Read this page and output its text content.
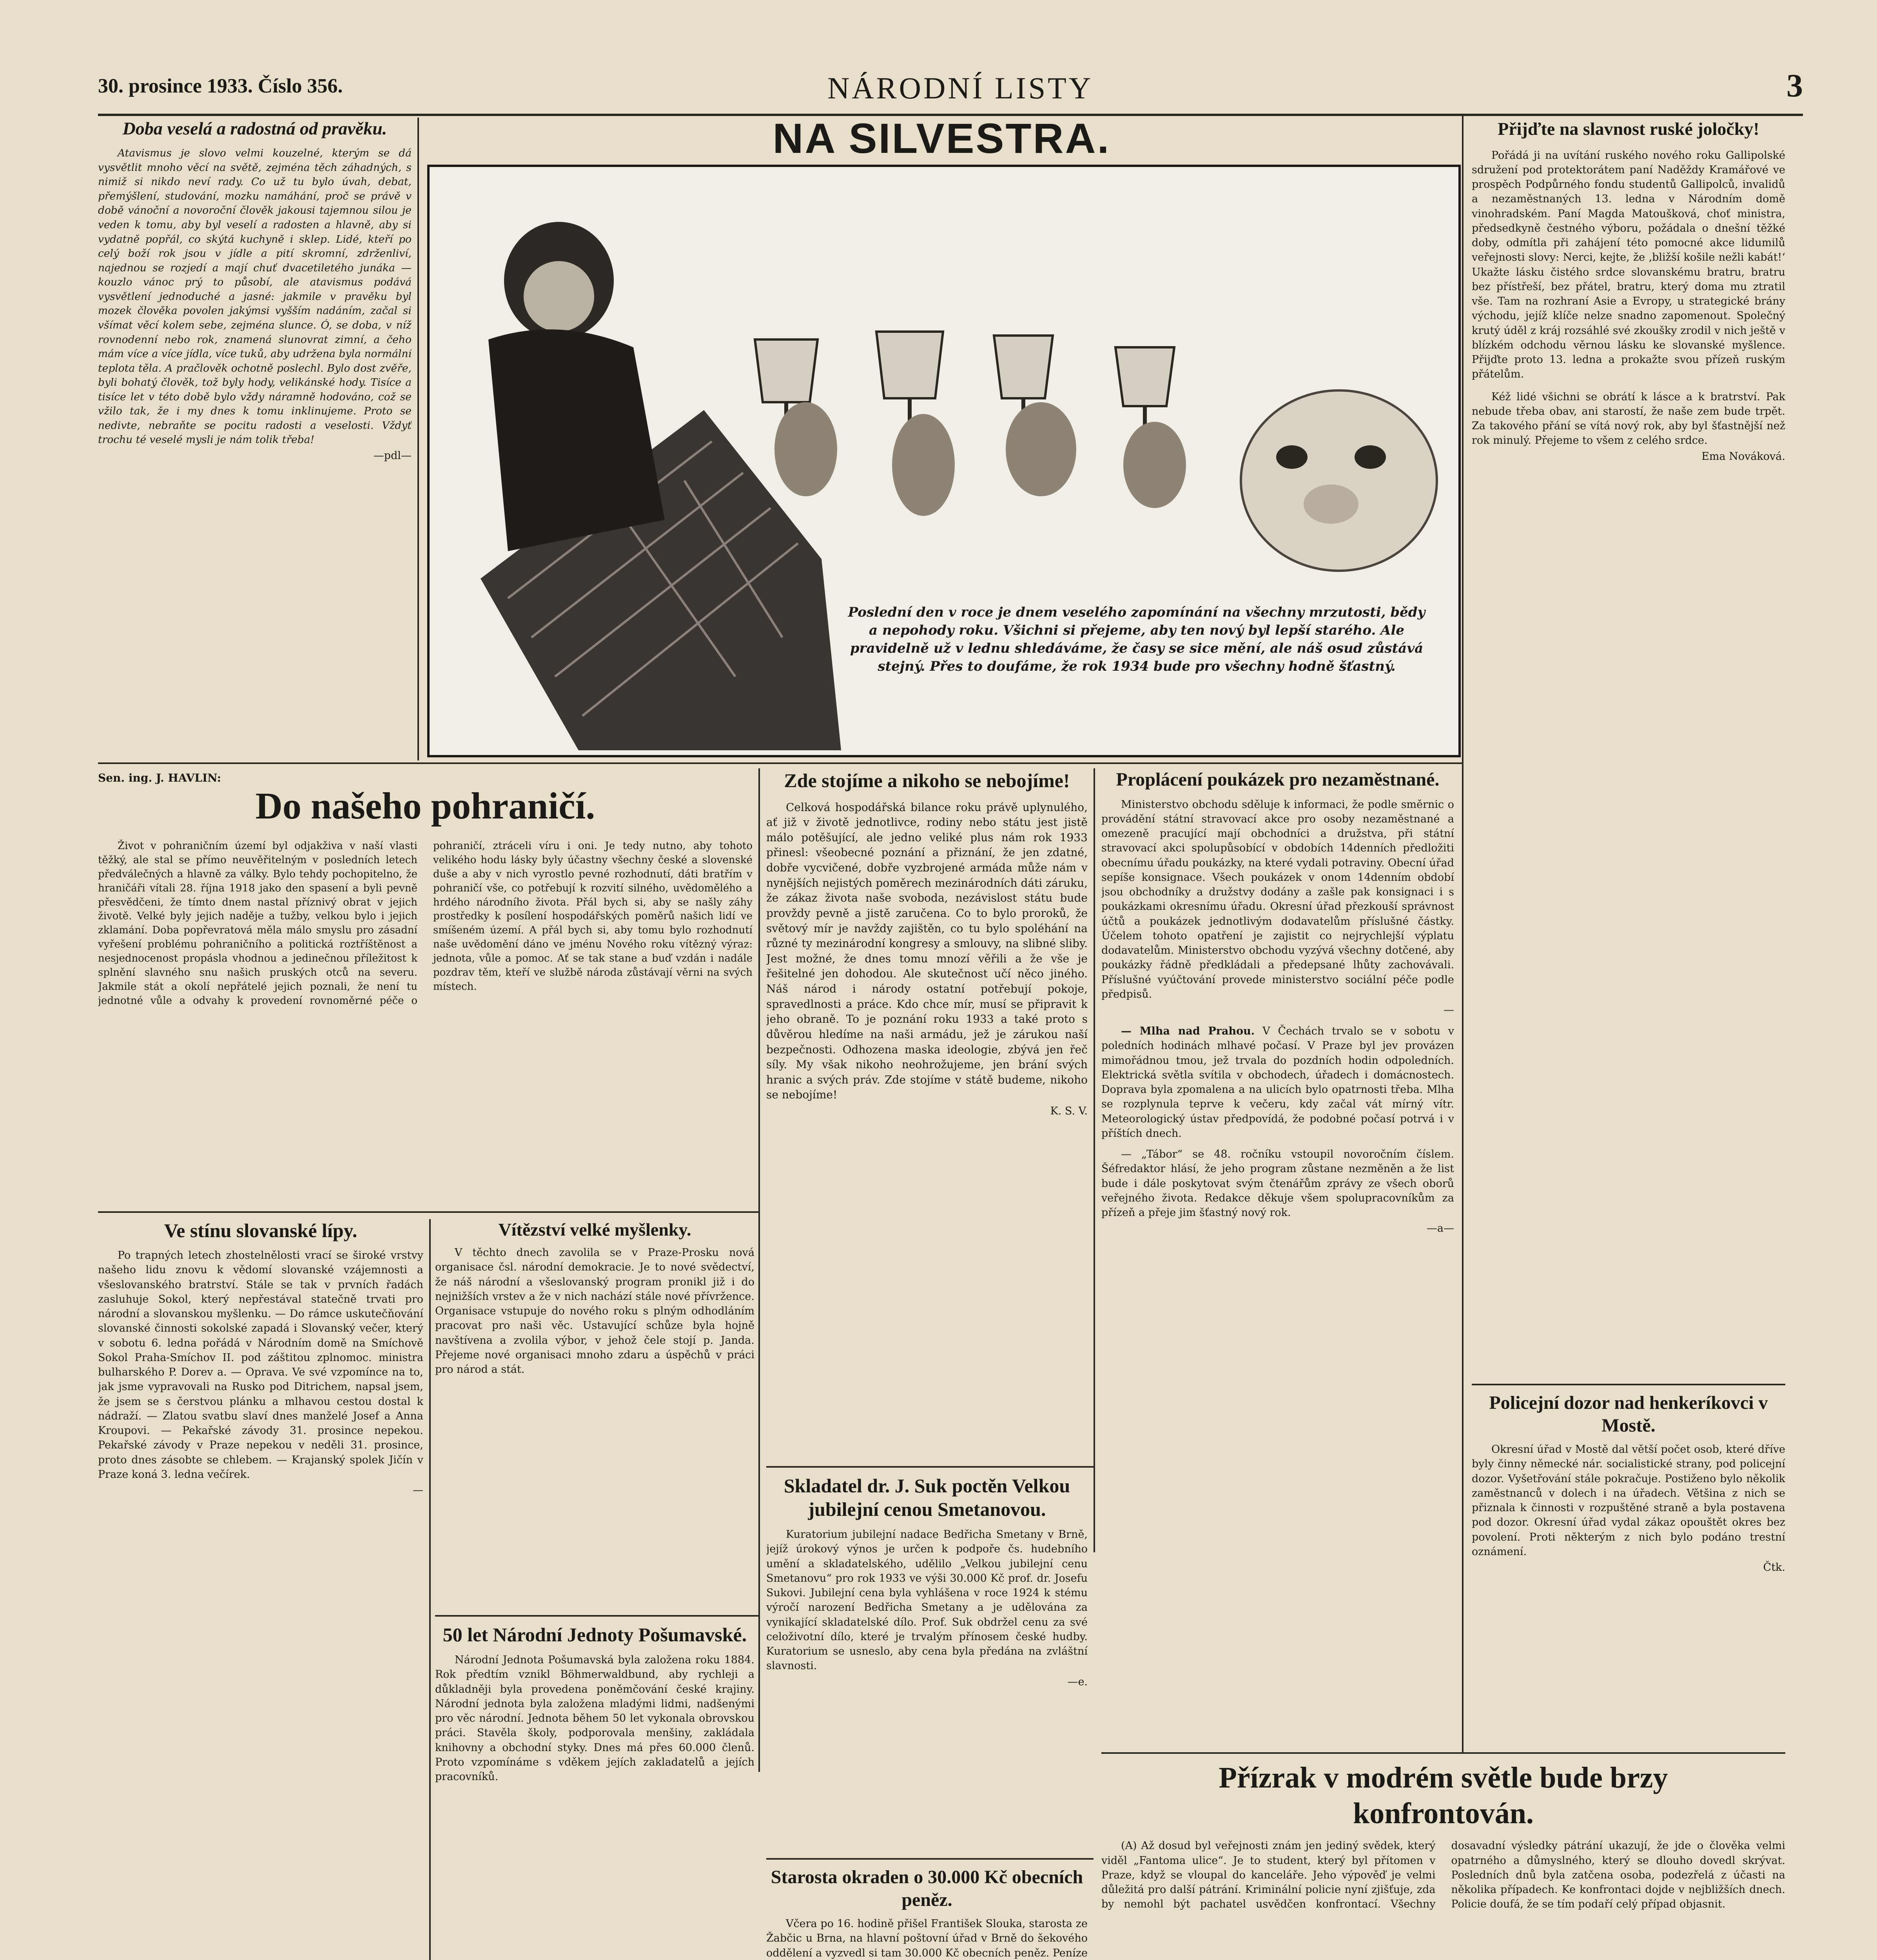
30. prosince 1933. Číslo 356.	NÁRODNÍ LISTY	3
Doba veselá a radostná od pravěku.

Atavismus je slovo velmi kouzelné, kterým se dá vysvětlit mnoho věcí na světě, zejména těch záhadných, s nimiž si nikdo neví rady. Co už tu bylo úvah, debat, přemýšlení, studování, mozku namáhání, proč se právě v době vánoční a novoroční člověk jakousi tajemnou silou je veden k tomu, aby byl veselí a radosten a hlavně, aby si vydatně popřál, co skýtá kuchyně i sklep. Lidé, kteří po celý boží rok jsou v jídle a pití skromní, zdrženliví, najednou se rozjedí a mají chuť dvacetiletého junáka — kouzlo vánoc prý to působí, ale atavismus podává vysvětlení jednoduché a jasné: jakmile v pravěku byl mozek člověka povolen jakýmsi vyšším nadáním, začal si všímat věcí kolem sebe, zejména slunce. Ó, se doba, v níž rovnodenní nebo rok, znamená slunovrat zimní, a čeho mám více a více jídla, více tuků, aby udržena byla normální teplota těla. A pračlověk ochotně poslechl. Bylo dost zvěře, byli bohatý člověk, tož byly hody, velikánské hody. Tisíce a tisíce let v této době bylo vždy náramně hodováno, což se vžilo tak, že i my dnes k tomu inklinujeme. Proto se nedivte, nebraňte se pocitu radosti a veselosti. Vždyť trochu té veselé mysli je nám tolik třeba!

—pdl—

NA SILVESTRA.
Poslední den v roce je dnem veselého zapomínání na všechny mrzutosti, bědy a nepohody roku. Všichni si přejeme, aby ten nový byl lepší starého. Ale pravidelně už v lednu shledáváme, že časy se sice mění, ale náš osud zůstává stejný. Přes to doufáme, že rok 1934 bude pro všechny hodně šťastný.
Přijďte na slavnost ruské joločky!

Pořádá ji na uvítání ruského nového roku Gallipolské sdružení pod protektorátem paní Naděždy Kramářové ve prospěch Podpůrného fondu studentů Gallipolců, invalidů a nezaměstnaných 13. ledna v Národním domě vinohradském. Paní Magda Matoušková, choť ministra, předsedkyně čestného výboru, požádala o dnešní těžké doby, odmítla při zahájení této pomocné akce lidumilů veřejnosti slovy: Nerci, kejte, že ‚bližší košile nežli kabát!‘ Ukažte lásku čistého srdce slovanskému bratru, bratru bez přístřeší, bez přátel, bratru, který doma mu ztratil vše. Tam na rozhraní Asie a Evropy, u strategické brány východu, jejíž klíče nelze snadno zapomenout. Společný krutý úděl z kráj rozsáhlé své zkoušky zrodil v nich ještě v blízkém odchodu věrnou lásku ke slovanské myšlence. Přijďte proto 13. ledna a prokažte svou přízeň ruským přátelům.

Kéž lidé všichni se obrátí k lásce a k bratrství. Pak nebude třeba obav, ani starostí, že naše zem bude trpět. Za takového přání se vítá nový rok, aby byl šťastnější než rok minulý. Přejeme to všem z celého srdce.

Ema Nováková.

Policejní dozor nad henkeríkovci v Mostě.

Okresní úřad v Mostě dal větší počet osob, které dříve byly činny německé nár. socialistické strany, pod policejní dozor. Vyšetřování stále pokračuje. Postiženo bylo několik zaměstnanců v dolech i na úřadech. Většina z nich se přiznala k činnosti v rozpuštěné straně a byla postavena pod dozor. Okresní úřad vydal zákaz opouštět okres bez povolení. Proti některým z nich bylo podáno trestní oznámení.

Čtk.

Sen. ing. J. HAVLIN:
Do našeho pohraničí.

Život v pohraničním území byl odjakživa v naší vlasti těžký, ale stal se přímo neuvěřitelným v posledních letech předválečných a hlavně za války. Bylo tehdy pochopitelno, že hraničáři vítali 28. října 1918 jako den spasení a byli pevně přesvědčeni, že tímto dnem nastal příznivý obrat v jejich životě. Velké byly jejich naděje a tužby, velkou bylo i jejich zklamání. Doba popřevratová měla málo smyslu pro zásadní vyřešení problému pohraničního a politická roztříštěnost a nesjednocenost propásla vhodnou a jedinečnou příležitost k splnění slavného snu našich pruských otců na severu. Jakmile stát a okolí nepřátelé jejich poznali, že není tu jednotné vůle a odvahy k provedení rovnoměrné péče o pohraničí, ztráceli víru i oni. Je tedy nutno, aby tohoto velikého hodu lásky byly účastny všechny české a slovenské duše a aby v nich vyrostlo pevné rozhodnutí, dáti bratřím v pohraničí vše, co potřebují k rozvití silného, uvědomělého a hrdého národního života. Přál bych si, aby se našly záhy prostředky k posílení hospodářských poměrů našich lidí ve smíšeném území. A přál bych si, aby tomu bylo rozhodnutí naše uvědomění dáno ve jménu Nového roku vítězný výraz: jednota, vůle a pomoc. Ať se tak stane a buď vzdán i nadále pozdrav těm, kteří ve službě národa zůstávají věrni na svých místech.

Zde stojíme a nikoho se nebojíme!

Celková hospodářská bilance roku právě uplynulého, ať již v životě jednotlivce, rodiny nebo státu jest jistě málo potěšující, ale jedno veliké plus nám rok 1933 přinesl: všeobecné poznání a přiznání, že jen zdatné, dobře vycvičené, dobře vyzbrojené armáda může nám v nynějších nejistých poměrech mezinárodních dáti záruku, že zákaz života naše svoboda, nezávislost státu bude provždy pevně a jistě zaručena. Co to bylo proroků, že světový mír je navždy zajištěn, co tu bylo spoléhání na různé ty mezinárodní kongresy a smlouvy, na slibné sliby. Jest možné, že dnes tomu mnozí věřili a že vše je řešitelné jen dohodou. Ale skutečnost učí něco jiného. Náš národ i národy ostatní potřebují pokoje, spravedlnosti a práce. Kdo chce mír, musí se připravit k jeho obraně. To je poznání roku 1933 a také proto s důvěrou hledíme na naši armádu, jež je zárukou naší bezpečnosti. Odhozena maska ideologie, zbývá jen řeč síly. My však nikoho neohrožujeme, jen brání svých hranic a svých práv. Zde stojíme v státě budeme, nikoho se nebojíme!

K. S. V.

Proplácení poukázek pro nezaměstnané.

Ministerstvo obchodu sděluje k informaci, že podle směrnic o provádění státní stravovací akce pro osoby nezaměstnané a omezeně pracující mají obchodníci a družstva, při státní stravovací akci spolupůsobící v obdobích 14denních předložiti obecnímu úřadu poukázky, na které vydali potraviny. Obecní úřad sepíše konsignace. Všech poukázek v onom 14denním období jsou obchodníky a družstvy dodány a zašle pak konsignaci i s poukázkami okresnímu úřadu. Okresní úřad přezkouší správnost účtů a poukázek jednotlivým dodavatelům příslušné částky. Účelem tohoto opatření je zajistit co nejrychlejší výplatu dodavatelům. Ministerstvo obchodu vyzývá všechny dotčené, aby poukázky řádně předkládali a předepsané lhůty zachovávali. Příslušné vyúčtování provede ministerstvo sociální péče podle předpisů.

—

— Mlha nad Prahou. V Čechách trvalo se v sobotu v poledních hodinách mlhavé počasí. V Praze byl jev provázen mimořádnou tmou, jež trvala do pozdních hodin odpoledních. Elektrická světla svítila v obchodech, úřadech i domácnostech. Doprava byla zpomalena a na ulicích bylo opatrnosti třeba. Mlha se rozplynula teprve k večeru, kdy začal vát mírný vítr. Meteorologický ústav předpovídá, že podobné počasí potrvá i v příštích dnech.

— „Tábor“ se 48. ročníku vstoupil novoročním číslem. Šéfredaktor hlásí, že jeho program zůstane nezměněn a že list bude i dále poskytovat svým čtenářům zprávy ze všech oborů veřejného života. Redakce děkuje všem spolupracovníkům za přízeň a přeje jim šťastný nový rok.

—a—

Ve stínu slovanské lípy.

Po trapných letech zhostelnělosti vrací se široké vrstvy našeho lidu znovu k vědomí slovanské vzájemnosti a všeslovanského bratrství. Stále se tak v prvních řadách zasluhuje Sokol, který nepřestával statečně trvati pro národní a slovanskou myšlenku. — Do rámce uskutečňování slovanské činnosti sokolské zapadá i Slovanský večer, který v sobotu 6. ledna pořádá v Národním domě na Smíchově Sokol Praha-Smíchov II. pod záštitou zplnomoc. ministra bulharského P. Dorev a. — Oprava. Ve své vzpomínce na to, jak jsme vypravovali na Rusko pod Ditrichem, napsal jsem, že jsem se s čerstvou plánku a mlhavou cestou dostal k nádraží. — Zlatou svatbu slaví dnes manželé Josef a Anna Kroupovi. — Pekařské závody 31. prosince nepekou. Pekařské závody v Praze nepekou v neděli 31. prosince, proto dnes zásobte se chlebem. — Krajanský spolek Jičín v Praze koná 3. ledna večírek.

—

Vítězství velké myšlenky.

V těchto dnech zavolila se v Praze-Prosku nová organisace čsl. národní demokracie. Je to nové svědectví, že náš národní a všeslovanský program pronikl již i do nejnižších vrstev a že v nich nachází stále nové přívržence. Organisace vstupuje do nového roku s plným odhodláním pracovat pro naši věc. Ustavující schůze byla hojně navštívena a zvolila výbor, v jehož čele stojí p. Janda. Přejeme nové organisaci mnoho zdaru a úspěchů v práci pro národ a stát.

50 let Národní Jednoty Pošumavské.

Národní Jednota Pošumavská byla založena roku 1884. Rok předtím vznikl Böhmerwaldbund, aby rychleji a důkladněji byla provedena poněmčování české krajiny. Národní jednota byla založena mladými lidmi, nadšenými pro věc národní. Jednota během 50 let vykonala obrovskou práci. Stavěla školy, podporovala menšiny, zakládala knihovny a obchodní styky. Dnes má přes 60.000 členů. Proto vzpomínáme s vděkem jejích zakladatelů a jejích pracovníků.

Skladatel dr. J. Suk poctěn Velkou jubilejní cenou Smetanovou.

Kuratorium jubilejní nadace Bedřicha Smetany v Brně, jejíž úrokový výnos je určen k podpoře čs. hudebního umění a skladatelského, udělilo „Velkou jubilejní cenu Smetanovu“ pro rok 1933 ve výši 30.000 Kč prof. dr. Josefu Sukovi. Jubilejní cena byla vyhlášena v roce 1924 k stému výročí narození Bedřicha Smetany a je udělována za vynikající skladatelské dílo. Prof. Suk obdržel cenu za své celoživotní dílo, které je trvalým přínosem české hudby. Kuratorium se usneslo, aby cena byla předána na zvláštní slavnosti.

—e.

Starosta okraden o 30.000 Kč obecních peněz.

Včera po 16. hodině přišel František Slouka, starosta ze Žabčic u Brna, na hlavní poštovní úřad v Brně do šekového oddělení a vyzvedl si tam 30.000 Kč obecních peněz. Peníze

Přízrak v modrém světle bude brzy konfrontován.

(A) Až dosud byl veřejnosti znám jen jediný svědek, který viděl „Fantoma ulice“. Je to student, který byl přítomen v Praze, když se vloupal do kanceláře. Jeho výpověď je velmi důležitá pro další pátrání. Kriminální policie nyní zjišťuje, zda by nemohl být pachatel usvědčen konfrontací. Všechny dosavadní výsledky pátrání ukazují, že jde o člověka velmi opatrného a důmyslného, který se dlouho dovedl skrývat. Posledních dnů byla zatčena osoba, podezřelá z účasti na několika případech. Ke konfrontaci dojde v nejbližších dnech. Policie doufá, že se tím podaří celý případ objasnit.
